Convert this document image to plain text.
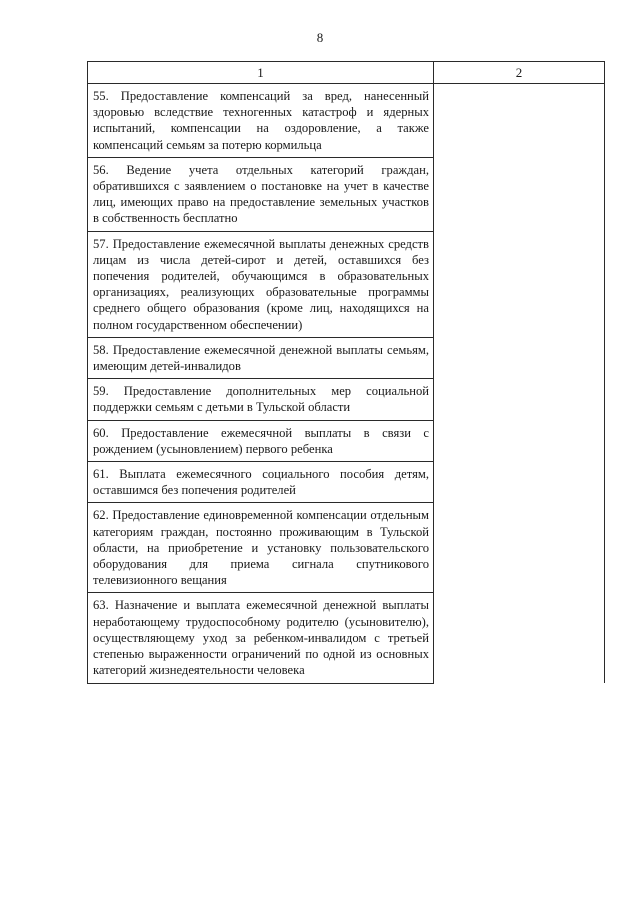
8
1	2
55. Предоставление компенсаций за вред, нанесенный здоровью вследствие техногенных катастроф и ядерных испытаний, компенсации на оздоровление, а также компенсаций семьям за потерю кормильца	
56. Ведение учета отдельных категорий граждан, обратившихся с заявлением о постановке на учет в качестве лиц, имеющих право на предоставление земельных участков в собственность бесплатно	
57. Предоставление ежемесячной выплаты денежных средств лицам из числа детей-сирот и детей, оставшихся без попечения родителей, обучающимся в образовательных организациях, реализующих образовательные программы среднего общего образования (кроме лиц, находящихся на полном государственном обеспечении)	
58. Предоставление ежемесячной денежной выплаты семьям, имеющим детей-инвалидов	
59. Предоставление дополнительных мер социальной поддержки семьям с детьми в Тульской области	
60. Предоставление ежемесячной выплаты в связи с рождением (усыновлением) первого ребенка	
61. Выплата ежемесячного социального пособия детям, оставшимся без попечения родителей	
62. Предоставление единовременной компенсации отдельным категориям граждан, постоянно проживающим в Тульской области, на приобретение и установку пользовательского оборудования для приема сигнала спутникового телевизионного вещания	
63. Назначение и выплата ежемесячной денежной выплаты неработающему трудоспособному родителю (усыновителю), осуществляющему уход за ребенком-инвалидом с третьей степенью выраженности ограничений по одной из основных категорий жизнедеятельности человека	
